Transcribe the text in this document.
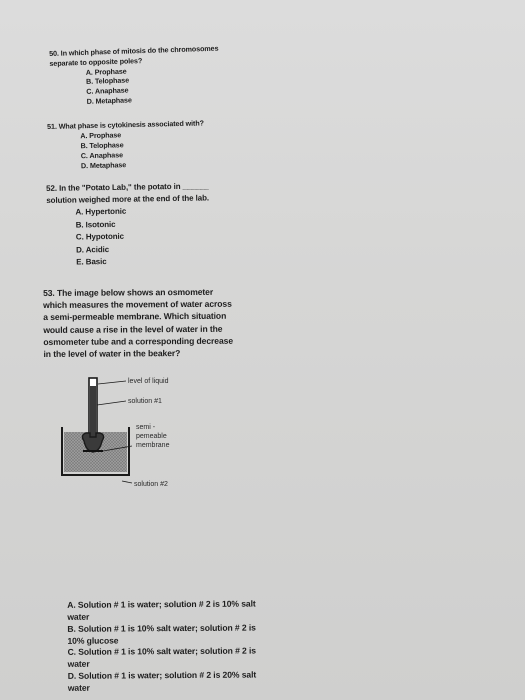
50. In which phase of mitosis do the chromosomes separate to opposite poles?
A. Prophase
B. Telophase
C. Anaphase
D. Metaphase
51. What phase is cytokinesis associated with?
A. Prophase
B. Telophase
C. Anaphase
D. Metaphase
52. In the "Potato Lab," the potato in ______ solution weighed more at the end of the lab.
A. Hypertonic
B. Isotonic
C. Hypotonic
D. Acidic
E. Basic
53. The image below shows an osmometer which measures the movement of water across a semi-permeable membrane. Which situation would cause a rise in the level of water in the osmometer tube and a corresponding decrease in the level of water in the beaker?
A. Solution # 1 is water; solution # 2 is 10% salt water
B. Solution # 1 is 10% salt water; solution # 2 is 10% glucose
C. Solution # 1 is 10% salt water; solution # 2 is water
D. Solution # 1 is water; solution # 2 is 20% salt water
level of liquid
solution #1
semi -
pemeable
membrane
solution #2
